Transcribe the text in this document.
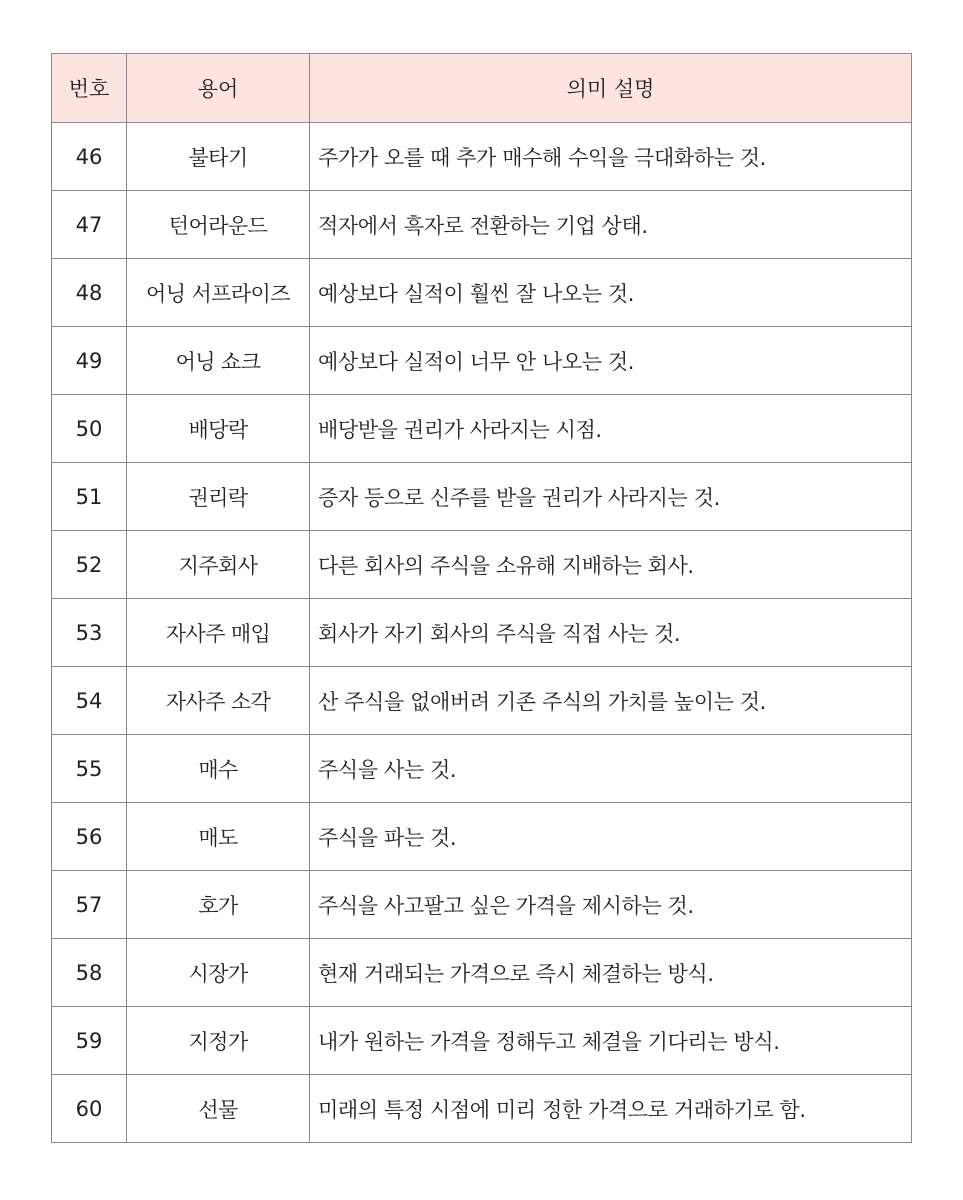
번호	용어	의미 설명
46	불타기	주가가 오를 때 추가 매수해 수익을 극대화하는 것.
47	턴어라운드	적자에서 흑자로 전환하는 기업 상태.
48	어닝 서프라이즈	예상보다 실적이 훨씬 잘 나오는 것.
49	어닝 쇼크	예상보다 실적이 너무 안 나오는 것.
50	배당락	배당받을 권리가 사라지는 시점.
51	권리락	증자 등으로 신주를 받을 권리가 사라지는 것.
52	지주회사	다른 회사의 주식을 소유해 지배하는 회사.
53	자사주 매입	회사가 자기 회사의 주식을 직접 사는 것.
54	자사주 소각	산 주식을 없애버려 기존 주식의 가치를 높이는 것.
55	매수	주식을 사는 것.
56	매도	주식을 파는 것.
57	호가	주식을 사고팔고 싶은 가격을 제시하는 것.
58	시장가	현재 거래되는 가격으로 즉시 체결하는 방식.
59	지정가	내가 원하는 가격을 정해두고 체결을 기다리는 방식.
60	선물	미래의 특정 시점에 미리 정한 가격으로 거래하기로 함.
